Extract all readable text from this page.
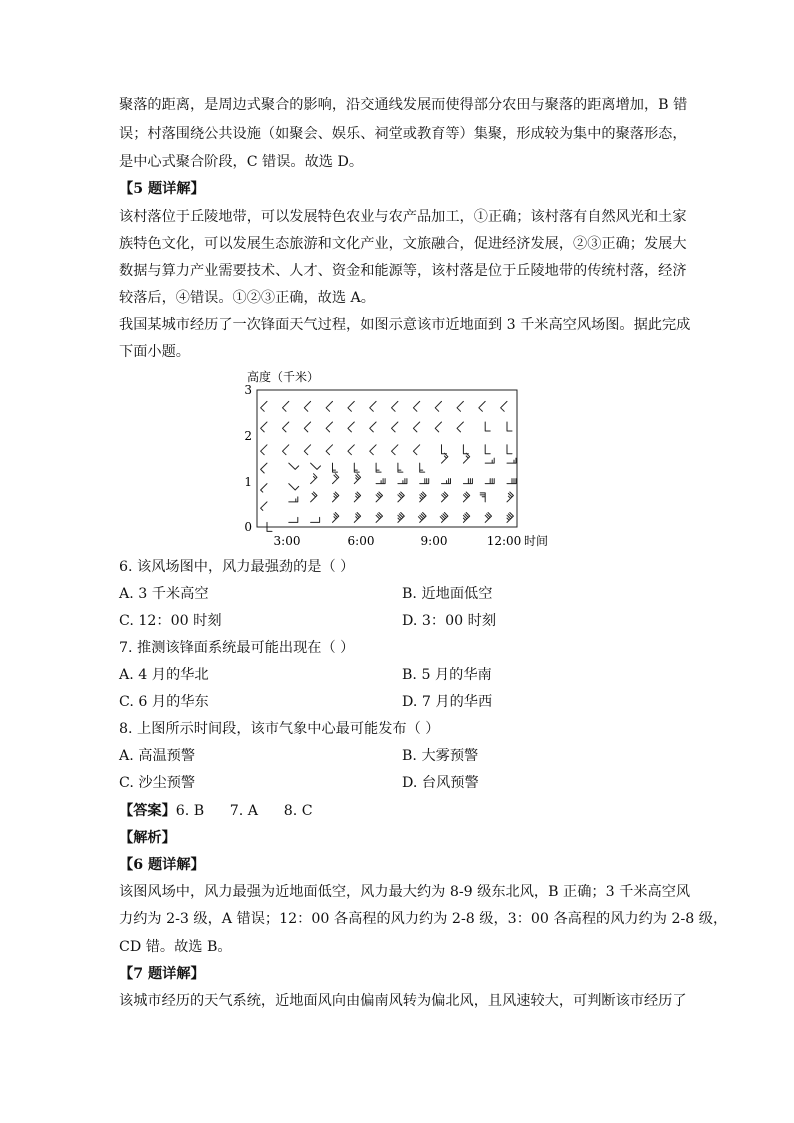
聚落的距离，是周边式聚合的影响，沿交通线发展而使得部分农田与聚落的距离增加，B 错
误；村落围绕公共设施（如聚会、娱乐、祠堂或教育等）集聚，形成较为集中的聚落形态，
是中心式聚合阶段，C 错误。故选 D。
【5 题详解】
该村落位于丘陵地带，可以发展特色农业与农产品加工，①正确；该村落有自然风光和土家
族特色文化，可以发展生态旅游和文化产业，文旅融合，促进经济发展，②③正确；发展大
数据与算力产业需要技术、人才、资金和能源等，该村落是位于丘陵地带的传统村落，经济
较落后，④错误。①②③正确，故选 A。
我国某城市经历了一次锋面天气过程，如图示意该市近地面到 3 千米高空风场图。据此完成
下面小题。
高度（千米）
0
1
2
3
3:00	6:00	9:00	12:00 时间
6. 该风场图中，风力最强劲的是（ ）
A. 3 千米高空	B. 近地面低空
C. 12：00 时刻	D. 3：00 时刻
7. 推测该锋面系统最可能出现在（ ）
A. 4 月的华北	B. 5 月的华南
C. 6 月的华东	D. 7 月的华西
8. 上图所示时间段，该市气象中心最可能发布（ ）
A. 高温预警	B. 大雾预警
C. 沙尘预警	D. 台风预警
【答案】6. B 7. A 8. C
【解析】
【6 题详解】
该图风场中，风力最强为近地面低空，风力最大约为 8-9 级东北风，B 正确；3 千米高空风
力约为 2-3 级，A 错误；12：00 各高程的风力约为 2-8 级，3：00 各高程的风力约为 2-8 级，
CD 错。故选 B。
【7 题详解】
该城市经历的天气系统，近地面风向由偏南风转为偏北风，且风速较大，可判断该市经历了
